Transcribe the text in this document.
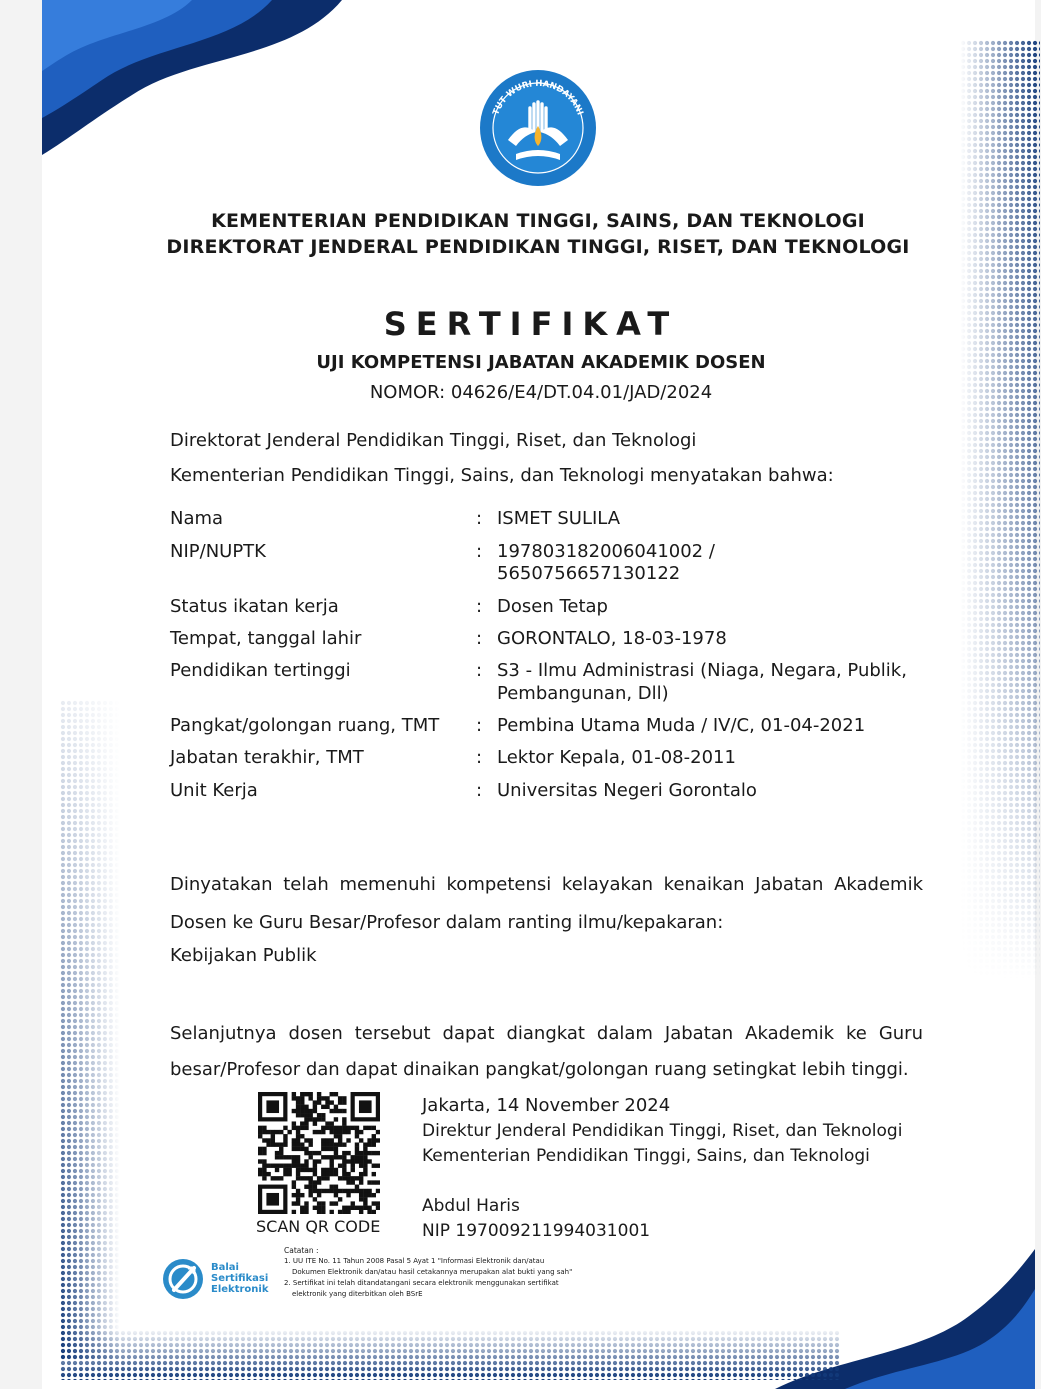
TUT WURI HANDAYANI
KEMENTERIAN PENDIDIKAN TINGGI, SAINS, DAN TEKNOLOGI
DIREKTORAT JENDERAL PENDIDIKAN TINGGI, RISET, DAN TEKNOLOGI
SERTIFIKAT
UJI KOMPETENSI JABATAN AKADEMIK DOSEN
NOMOR: 04626/E4/DT.04.01/JAD/2024
Direktorat Jenderal Pendidikan Tinggi, Riset, dan Teknologi
Kementerian Pendidikan Tinggi, Sains, dan Teknologi menyatakan bahwa:
Nama	: ISMET SULILA
NIP/NUPTK	: 197803182006041002 /
5650756657130122
Status ikatan kerja	: Dosen Tetap
Tempat, tanggal lahir	: GORONTALO, 18-03-1978
Pendidikan tertinggi	: S3 - Ilmu Administrasi (Niaga, Negara, Publik,
Pembangunan, Dll)
Pangkat/golongan ruang, TMT : Pembina Utama Muda / IV/C, 01-04-2021
Jabatan terakhir, TMT	: Lektor Kepala, 01-08-2011
Unit Kerja	: Universitas Negeri Gorontalo
Dinyatakan telah memenuhi kompetensi kelayakan kenaikan Jabatan Akademik
Dosen ke Guru Besar/Profesor dalam ranting ilmu/kepakaran:
Kebijakan Publik
Selanjutnya dosen tersebut dapat diangkat dalam Jabatan Akademik ke Guru
besar/Profesor dan dapat dinaikan pangkat/golongan ruang setingkat lebih tinggi.
SCAN QR CODE
Jakarta, 14 November 2024
Direktur Jenderal Pendidikan Tinggi, Riset, dan Teknologi
Kementerian Pendidikan Tinggi, Sains, dan Teknologi
Abdul Haris
NIP 197009211994031001
Balai
Sertifikasi
Elektronik
Catatan :
1. UU ITE No. 11 Tahun 2008 Pasal 5 Ayat 1 "Informasi Elektronik dan/atau
Dokumen Elektronik dan/atau hasil cetakannya merupakan alat bukti yang sah"
2. Sertifikat ini telah ditandatangani secara elektronik menggunakan sertifikat
elektronik yang diterbitkan oleh BSrE
